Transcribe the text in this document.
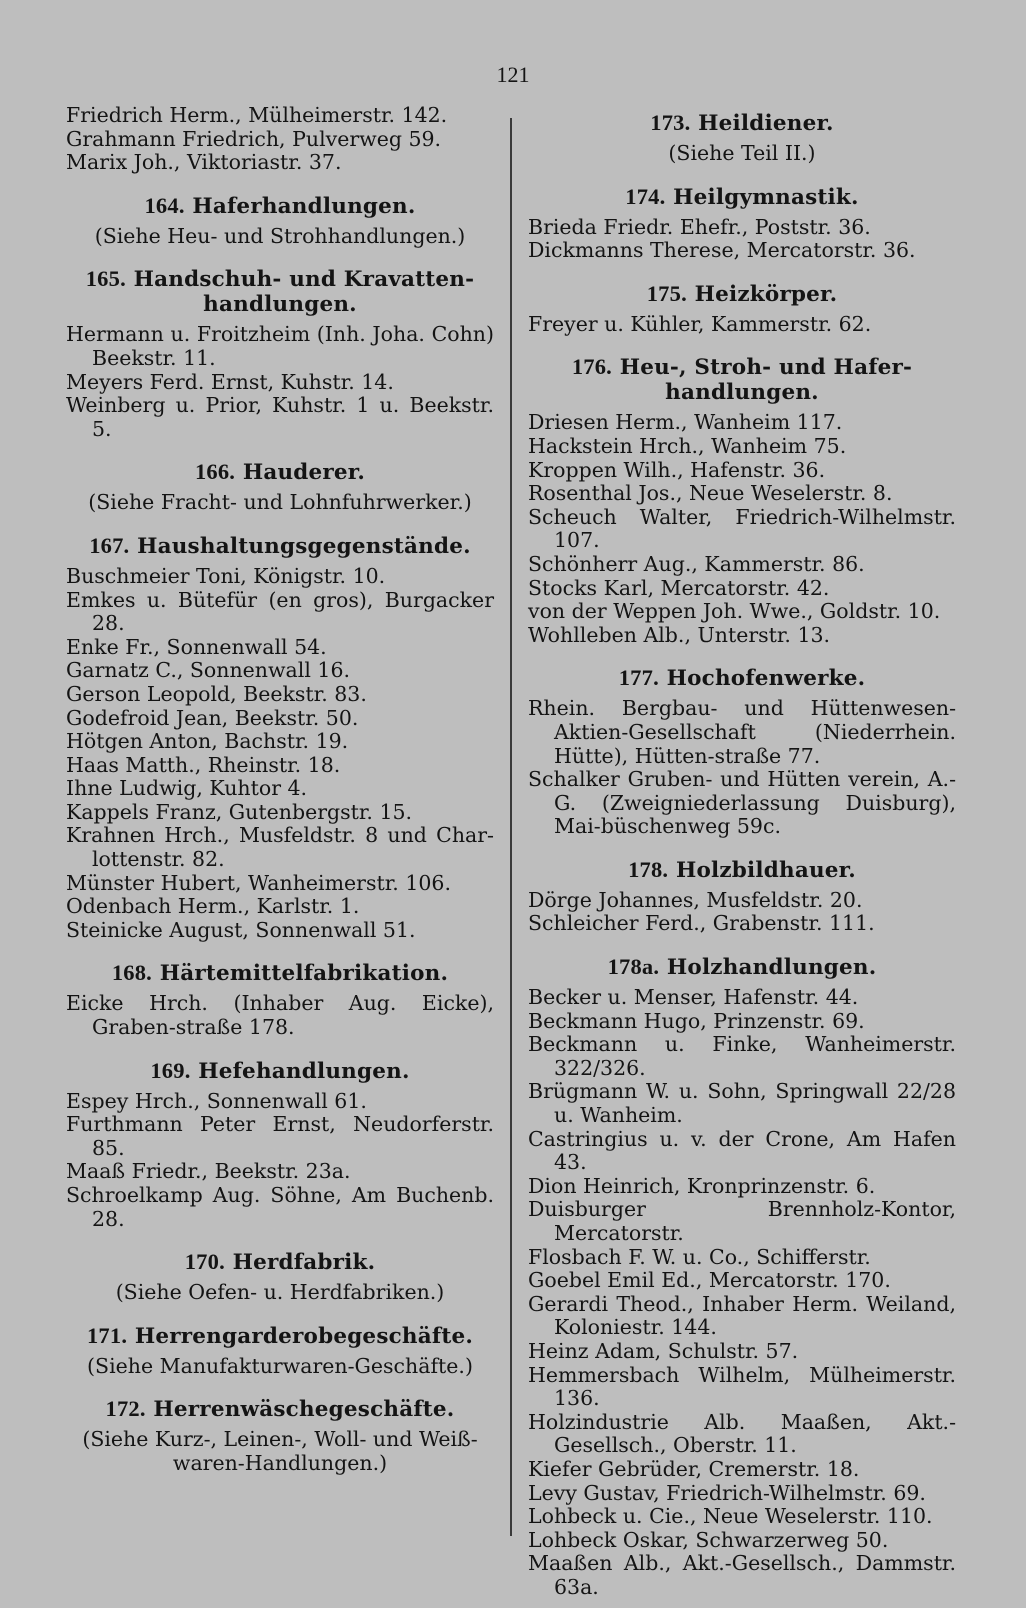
121
Friedrich Herm., Mülheimerstr. 142.
Grahmann Friedrich, Pulverweg 59.
Marix Joh., Viktoriastr. 37.
164. Haferhandlungen.
(Siehe Heu- und Strohhandlungen.)
165. Handschuh- und Kravatten-handlungen.
Hermann u. Froitzheim (Inh. Joha. Cohn) Beekstr. 11.
Meyers Ferd. Ernst, Kuhstr. 14.
Weinberg u. Prior, Kuhstr. 1 u. Beekstr. 5.
166. Hauderer.
(Siehe Fracht- und Lohnfuhrwerker.)
167. Haushaltungsgegenstände.
Buschmeier Toni, Königstr. 10.
Emkes u. Bütefür (en gros), Burgacker 28.
Enke Fr., Sonnenwall 54.
Garnatz C., Sonnenwall 16.
Gerson Leopold, Beekstr. 83.
Godefroid Jean, Beekstr. 50.
Hötgen Anton, Bachstr. 19.
Haas Matth., Rheinstr. 18.
Ihne Ludwig, Kuhtor 4.
Kappels Franz, Gutenbergstr. 15.
Krahnen Hrch., Musfeldstr. 8 und Char-lottenstr. 82.
Münster Hubert, Wanheimerstr. 106.
Odenbach Herm., Karlstr. 1.
Steinicke August, Sonnenwall 51.
168. Härtemittelfabrikation.
Eicke Hrch. (Inhaber Aug. Eicke), Graben-straße 178.
169. Hefehandlungen.
Espey Hrch., Sonnenwall 61.
Furthmann Peter Ernst, Neudorferstr. 85.
Maaß Friedr., Beekstr. 23a.
Schroelkamp Aug. Söhne, Am Buchenb. 28.
170. Herdfabrik.
(Siehe Oefen- u. Herdfabriken.)
171. Herrengarderobegeschäfte.
(Siehe Manufakturwaren-Geschäfte.)
172. Herrenwäschegeschäfte.
(Siehe Kurz-, Leinen-, Woll- und Weiß-waren-Handlungen.)
173. Heildiener.
(Siehe Teil II.)
174. Heilgymnastik.
Brieda Friedr. Ehefr., Poststr. 36.
Dickmanns Therese, Mercatorstr. 36.
175. Heizkörper.
Freyer u. Kühler, Kammerstr. 62.
176. Heu-, Stroh- und Hafer-handlungen.
Driesen Herm., Wanheim 117.
Hackstein Hrch., Wanheim 75.
Kroppen Wilh., Hafenstr. 36.
Rosenthal Jos., Neue Weselerstr. 8.
Scheuch Walter, Friedrich-Wilhelmstr. 107.
Schönherr Aug., Kammerstr. 86.
Stocks Karl, Mercatorstr. 42.
von der Weppen Joh. Wwe., Goldstr. 10.
Wohlleben Alb., Unterstr. 13.
177. Hochofenwerke.
Rhein. Bergbau- und Hüttenwesen-Aktien-Gesellschaft (Niederrhein. Hütte), Hütten-straße 77.
Schalker Gruben- und Hütten verein, A.-G. (Zweigniederlassung Duisburg), Mai-büschenweg 59c.
178. Holzbildhauer.
Dörge Johannes, Musfeldstr. 20.
Schleicher Ferd., Grabenstr. 111.
178a. Holzhandlungen.
Becker u. Menser, Hafenstr. 44.
Beckmann Hugo, Prinzenstr. 69.
Beckmann u. Finke, Wanheimerstr. 322/326.
Brügmann W. u. Sohn, Springwall 22/28 u. Wanheim.
Castringius u. v. der Crone, Am Hafen 43.
Dion Heinrich, Kronprinzenstr. 6.
Duisburger Brennholz-Kontor, Mercatorstr.
Flosbach F. W. u. Co., Schifferstr.
Goebel Emil Ed., Mercatorstr. 170.
Gerardi Theod., Inhaber Herm. Weiland, Koloniestr. 144.
Heinz Adam, Schulstr. 57.
Hemmersbach Wilhelm, Mülheimerstr. 136.
Holzindustrie Alb. Maaßen, Akt.-Gesellsch., Oberstr. 11.
Kiefer Gebrüder, Cremerstr. 18.
Levy Gustav, Friedrich-Wilhelmstr. 69.
Lohbeck u. Cie., Neue Weselerstr. 110.
Lohbeck Oskar, Schwarzerweg 50.
Maaßen Alb., Akt.-Gesellsch., Dammstr. 63a.
